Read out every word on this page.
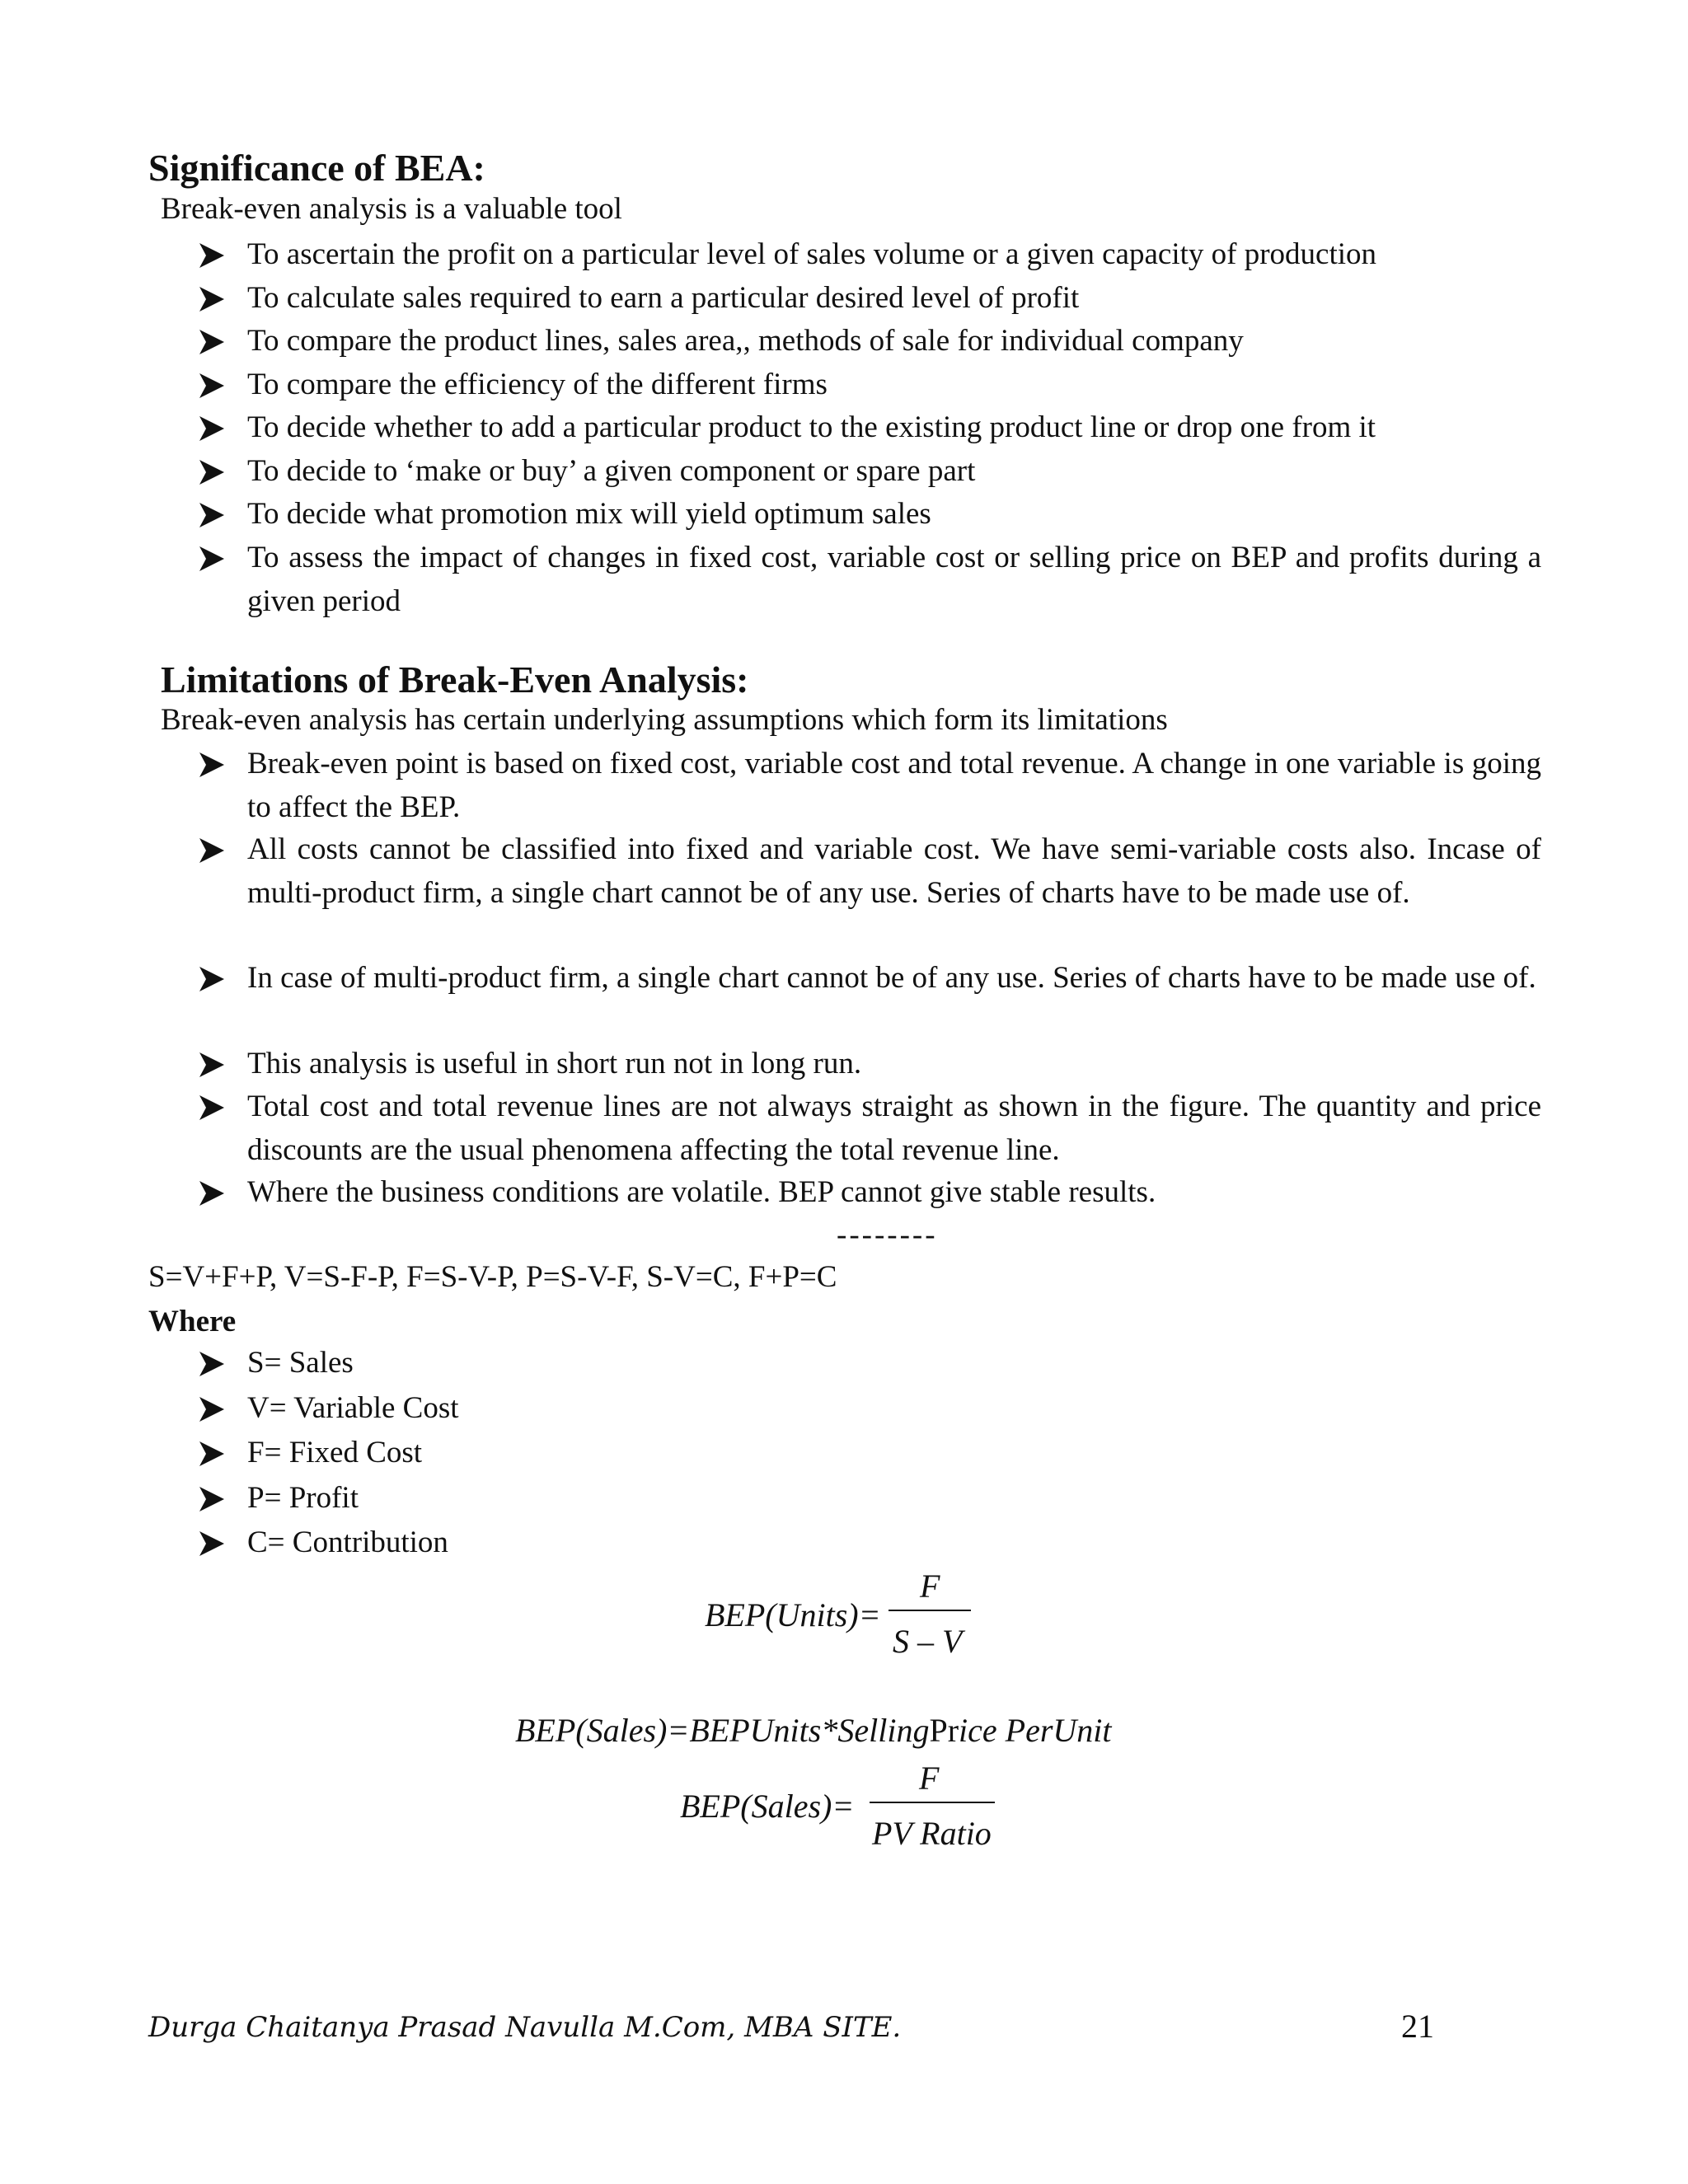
Significance of BEA:
Break-even analysis is a valuable tool
To ascertain the profit on a particular level of sales volume or a given capacity of production
To calculate sales required to earn a particular desired level of profit
To compare the product lines, sales area,, methods of sale for individual company
To compare the efficiency of the different firms
To decide whether to add a particular product to the existing product line or drop one from it
To decide to ‘make or buy’ a given component or spare part
To decide what promotion mix will yield optimum sales
To assess the impact of changes in fixed cost, variable cost or selling price on BEP and profits during a given period
Limitations of Break-Even Analysis:
Break-even analysis has certain underlying assumptions which form its limitations
Break-even point is based on fixed cost, variable cost and total revenue. A change in one variable is going to affect the BEP.
All costs cannot be classified into fixed and variable cost. We have semi-variable costs also. Incase of multi-product firm, a single chart cannot be of any use. Series of charts have to be made use of.
In case of multi-product firm, a single chart cannot be of any use. Series of charts have to be made use of.
This analysis is useful in short run not in long run.
Total cost and total revenue lines are not always straight as shown in the figure. The quantity and price discounts are the usual phenomena affecting the total revenue line.
Where the business conditions are volatile. BEP cannot give stable results.
--------
S=V+F+P, V=S-F-P, F=S-V-P, P=S-V-F, S-V=C, F+P=C
Where
S= Sales
V= Variable Cost
F= Fixed Cost
P= Profit
C= Contribution
BEP(Units)=
F
S – V
BEP(Sales)=BEPUnits*SellingPrice PerUnit
BEP(Sales)=
F
PV Ratio
Durga Chaitanya Prasad Navulla M.Com, MBA SITE.	21
